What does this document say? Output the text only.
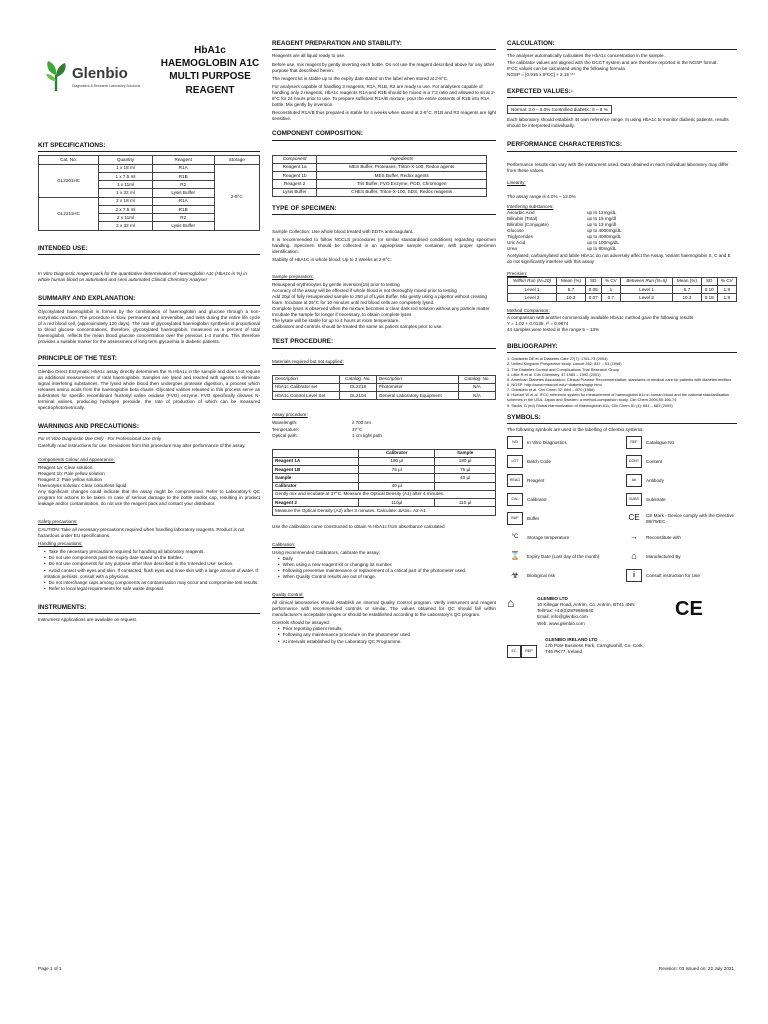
Glenbio
Diagnostics & Research Laboratory Solutions
HbA1c
HAEMOGLOBIN A1C
MULTI PURPOSE
REAGENT
KIT SPECIFICATIONS:
Cat. No.	Quantity	Reagent	Storage
GL2201HC	1 x 18 ml	R1A	2-8°C
	1 x 7.5 ml	R1B	
	1 x 11ml	R2	
	1 x 32 ml	Lysis Buffer	
GL2211HC	2 x 18 ml	R1A	
	2 x 7.5 ml	R1B	
	2 x 11ml	R2	
	2 x 32 ml	Lysis Buffer	
INTENDED USE:

In Vitro Diagnostic reagent pack for the quantitative determination of Haemoglobin A1c (HbA1c in %) in whole human blood on automated and semi automated Clinical Chemistry Analyser

SUMMARY AND EXPLANATION:

Glycosylated haemoglobin is formed by the combination of haemoglobin and glucose through a non-enzymatic reaction. The procedure is slow, permanent and irreversible, and lasts during the entire life cycle of a red blood cell, (approximately 120 days). The rate of glycosylated haemoglobin synthesis is proportional to blood glucose concentrations, therefore, glycosylated haemoglobin, measured as a percent of total haemoglobin, reflects the mean blood glucose concentration over the previous 1-3 months. This therefore provides a suitable marker for the assessment of long term glycaemia in diabetic patients.

PRINCIPLE OF THE TEST:

Glenbio Direct Enzymatic HbA1c assay directly determines the % HbA1c in the sample and does not require an additional measurement of total haemoglobin. Samples are lysed and reacted with agents to eliminate signal interfering substances. The lysed whole blood then undergoes protease digestion, a process which releases amino acids from the haemoglobin beta chains. Glycated valines released in this process serve as substrates for specific recombinant fructosyl valine oxidase (FVO) enzyme. FVO specifically cleaves N-terminal valines, producing hydrogen peroxide, the rate of production of which can be measured spectrophotometrically.

WARNINGS AND PRECAUTIONS:

For In Vitro Diagnostic Use Only - For Professional Use Only

Carefully read instructions for use. Deviations from this procedure may alter performance of the assay.

Components Colour and Appearance:

Reagent 1a: Clear solution.
Reagent 1b: Pale yellow solution
Reagent 2: Pale yellow solution
Haemolysis solution: Clear colourless liquid.

Any significant changes could indicate that the assay might be compromised. Refer to Laboratory's QC program for actions to be taken. In case of serious damage to the bottle and/or cap, resulting in product leakage and/or contamination, do not use the reagent pack and contact your distributor.

Safety precautions:

CAUTION: Take all necessary precautions required when handling laboratory reagents. Product is not hazardous under EU specifications.

Handling precautions:

• Take the necessary precautions required for handling all laboratory reagents.
• Do not use components past the expiry date stated on the Bottles.
• Do not use components for any purpose other than described in the 'Intended Use' section.
• Avoid contact with eyes and skin. If contacted, flush eyes and rinse skin with a large amount of water. If irritation persists, consult with a physician.
• Do not interchange caps among components as contamination may occur and compromise test results.
• Refer to local legal requirements for safe waste disposal.
INSTRUMENTS:

Instrument Applications are available on request.

REAGENT PREPARATION AND STABILITY:

Reagents are all liquid ready to use.

Before use, mix reagent by gently inverting each bottle. Do not use the reagent described above for any other purpose that described herein.

The reagent kit is stable up to the expiry date stated on the label when stored at 2-8°C.

For analysers capable of handling 3 reagents, R1A, R1B, R2 are ready to use. For analysers capable of handling only 2 reagents, HbA1c reagents R1A and R1B should be mixed in a 7:3 ratio and allowed to sit at 2-8°C for 24 hours prior to use. To prepare sufficient R1A/B mixture, pour the entire contents of R1B into R1A bottle. Mix gently by inversion.

Reconstituted R1A/B thus prepared is stable for 4 weeks when stored at 2-8°C. R1B and R2 reagents are light sensitive.

COMPONENT COMPOSITION:
Component	Ingredients
Reagent 1a	MES Buffer, Proteases, Triton-X-100, Redox agents
Reagent 1b	MES Buffer, Redox agents
Reagent 2	Tris Buffer, FVO Enzyme, POD, Chromogen
Lysis Buffer	CHES Buffer, Triton-X-100, SDS, Redox reagents
TYPE OF SPECIMEN:

Sample Collection: Use whole blood treated with EDTA anticoagulant.

It is recommended to follow NCCLS procedures (or similar standardised conditions) regarding specimen handling. Specimen should be collected in an appropriate sample container, with proper specimen identification.

Stability of HbA1C in whole blood: Up to 2 Weeks at 2-8°C.

Sample preparation:

Resuspend erythrocytes by gentle inversion(15) prior to testing
Accuracy of the assay will be effected if whole blood is not thoroughly mixed prior to testing
Add 20µl of fully resuspended sample to 250 µl of Lysis Buffer. Mix gently using a pipettor without creating foam. Incubate at 25°C for 10 minutes until red blood cells are completely lysed.
Complete lyses is observed when the mixture becomes a clear dark red solution without any particle matter
Incubate the sample for longer if necessary, to obtain complete lyses
The lysate will be stable for up to 4 hours at room temperature.
Calibrators and controls should be treated the same as patient samples prior to use.
TEST PROCEDURE:

Materials required but not supplied:

Description	Catalog. No.	Description	Catalog. No.
HbA1c Calibrator set	GL2218	Photometer	N/A
HbA1c Control Level Set	GL2104	General Laboratory Equipment	N/A

Assay procedure:

Wavelength:	λ 700 nm
Temperature:	37°C
Optical path:	1 cm light path.
	Calibrator	Sample
Reagent 1A	180 µl	180 µl
Reagent 1B	75 µl	75 µl
Sample		40 µl
Calibrator	40 µl	
Gently mix and incubate at 37°C. Measure the Optical Density (A1) after 4 minutes.		
Reagent 2	110µl	110 µl
Measure the Optical Density (A2) after 3 minutes. Calculate: ∆Abs= A2-A1		

Use the calibration curve constructed to obtain % HbA1c from absorbance calculated

Calibration:

Using recommended Calibrators, calibrate the assay:

• Daily
• When using a new reagent kit or changing lot number.
• Following preventive maintenance or replacement of a critical part of the photometer used.
• When Quality Control results are out of range.

Quality Control:

All clinical laboratories should establish an Internal Quality Control program. Verify instrument and reagent performance with recommended controls or similar. The values obtained for QC should fall within manufacturer's acceptable ranges or should be established according to the Laboratory's QC program.

Controls should be assayed:

• Prior reporting patient results.
• Following any maintenance procedure on the photometer used.
• At intervals established by the Laboratory QC Programme.
CALCULATION:
The analyser automatically calculates the HbA1c concentration in the sample.
The calibrator values are aligned with the DCCT system and are therefore reported in the NGSP format.
IFCC values can be calculated using the following formula
NGSP = [0.915 x IFCC] + 2.15 ¹⁵⁾
EXPECTED VALUES:-
Normal: 3.0 – 6.0% Controlled diabetic: 6 – 8 %

Each laboratory should establish its own reference range. In using HbA1c to monitor diabetic patients, results should be interpreted individually.

PERFORMANCE CHARACTERISTICS:

Performance results can vary with the instrument used. Data obtained in each individual laboratory may differ from these values.

Linearity:

The assay range is 4.0% – 12.0%

Interfering substances:

Ascorbic Acid	up to 12mg/dL
Bilirubin (Total)	up to 15 mg/dl
Bilirubin (Conjugate)	up to 13 mg/dl
Glucose	up to 4000mg/dL
Triglycerides	up to 4000mg/dL
Uric Acid	up to 100mg/dL
Urea	up to 80mg/dL

Acetylated, carbamylated and labile HbA1c do not adversely affect the Assay. Variant haemoglobin S, C and E do not significantly interfere with this assay

Precision:

Within Run (N=20)	Mean (%)	SD	% CV	Between Run (N=5)	Mean (%)	SD	% CV
Level 1	5.7	0.05	1	Level 1	5.7	0.10	1.8
Level 2	10.3	0.07	0.7	Level 2	10.3	0.18	1.8

Method Comparison:

A comparison with another commercially available HbA1c method gave the following results
Y = 1.02 + 0.0135, r² = 0.9874
44 samples were tested in the range 5 – 13%
BIBLIOGRAPHY:
1. Goldstein DE et al Diabetes Care 27(7): 1761-73 (2004)
2. United Kingdom Prospective study. Lancet 352: 837 – 53 (1998)
3. The Diabetes Control and Complications Trial Research Group
4. Little R et al. Clin Chemistry, 47:1985 – 1992 (2001)
5. American Diabetes Association. Clinical Practice Recommendation: standards of medical care for patients with diabetes mellitus
6. NGSP: http://www.missouri.edu/~diabetes/ngsp.html
7. Goldstein et al. Clin Chem 32: B64 – B70 (1986)
8. Hoelzel W et al. IFCC reference system for measurement of haemoglobin A1c in human blood and the national standardisation schemes in the USA, Japan and Sweden: a method-comparison study. Clin Chem 2004;50:166-74
9. Sacks, D (ed) Global Harmonization of Haemoglobin A1c, Clin Chem 51 (4): 681 – 683 (2005)
SYMBOLS:

The following symbols are used in the labelling of Glenbio systems:

IVD	In Vitro Diagnostics	REF	Catalogue No
LOT	Batch Code	CONT	Content
REAG	Reagent	Ab	Antibody
CAL	Calibrator	SUBS	Substrate
BUF	Buffer	CE	CE Mark - Device comply with the Directive 98/79/EC
°C	Storage temperature	→	Reconstitute with
⌛	Expiry Date (Last day of the month)	⌂	Manufactured By
☣	Biological risk	i	Consult instruction for Use
⌂	GLENBIO LTD
10 Killegar Road, Antrim, Co. Antrim, BT41 4NN
Tel/Fax: +44(0)2879658640
Email: info@glenbio.com
Web: www.glenbio.com
CE
EC	REP
GLENBIO IRELAND LTD
17b Pote Business Park, Carrigtwohill, Co. Cork,
T45 PK77, Ireland
Page 1 of 1	Revision: 03 Issued on: 22 July 2021
